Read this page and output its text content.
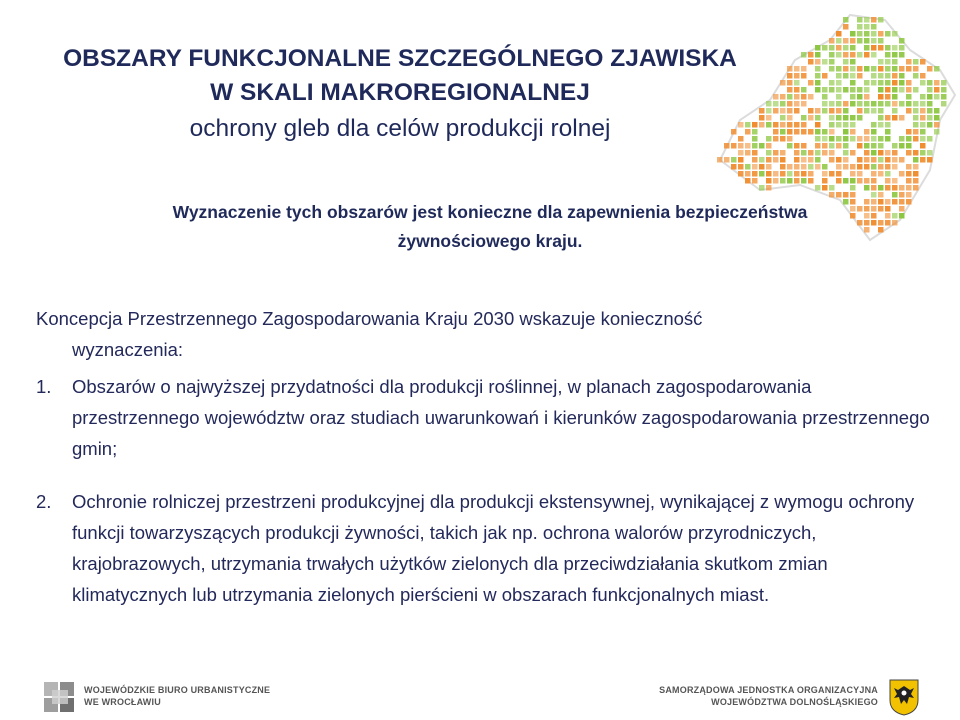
OBSZARY FUNKCJONALNE SZCZEGÓLNEGO ZJAWISKA
W SKALI MAKROREGIONALNEJ
ochrony gleb dla celów produkcji rolnej
Wyznaczenie tych obszarów jest konieczne dla zapewnienia bezpieczeństwa
żywnościowego kraju.

Koncepcja Przestrzennego Zagospodarowania Kraju 2030 wskazuje konieczność
wyznaczenia:

1.	Obszarów o najwyższej przydatności dla produkcji roślinnej, w planach zagospodarowania przestrzennego województw oraz studiach uwarunkowań i kierunków zagospodarowania przestrzennego gmin;
2.	Ochronie rolniczej przestrzeni produkcyjnej dla produkcji ekstensywnej, wynikającej z wymogu ochrony funkcji towarzyszących produkcji żywności, takich jak np. ochrona walorów przyrodniczych, krajobrazowych, utrzymania trwałych użytków zielonych dla przeciwdziałania skutkom zmian klimatycznych lub utrzymania zielonych pierścieni w obszarach funkcjonalnych miast.
WOJEWÓDZKIE BIURO URBANISTYCZNE
WE WROCŁAWIU
SAMORZĄDOWA JEDNOSTKA ORGANIZACYJNA
WOJEWÓDZTWA DOLNOŚLĄSKIEGO
